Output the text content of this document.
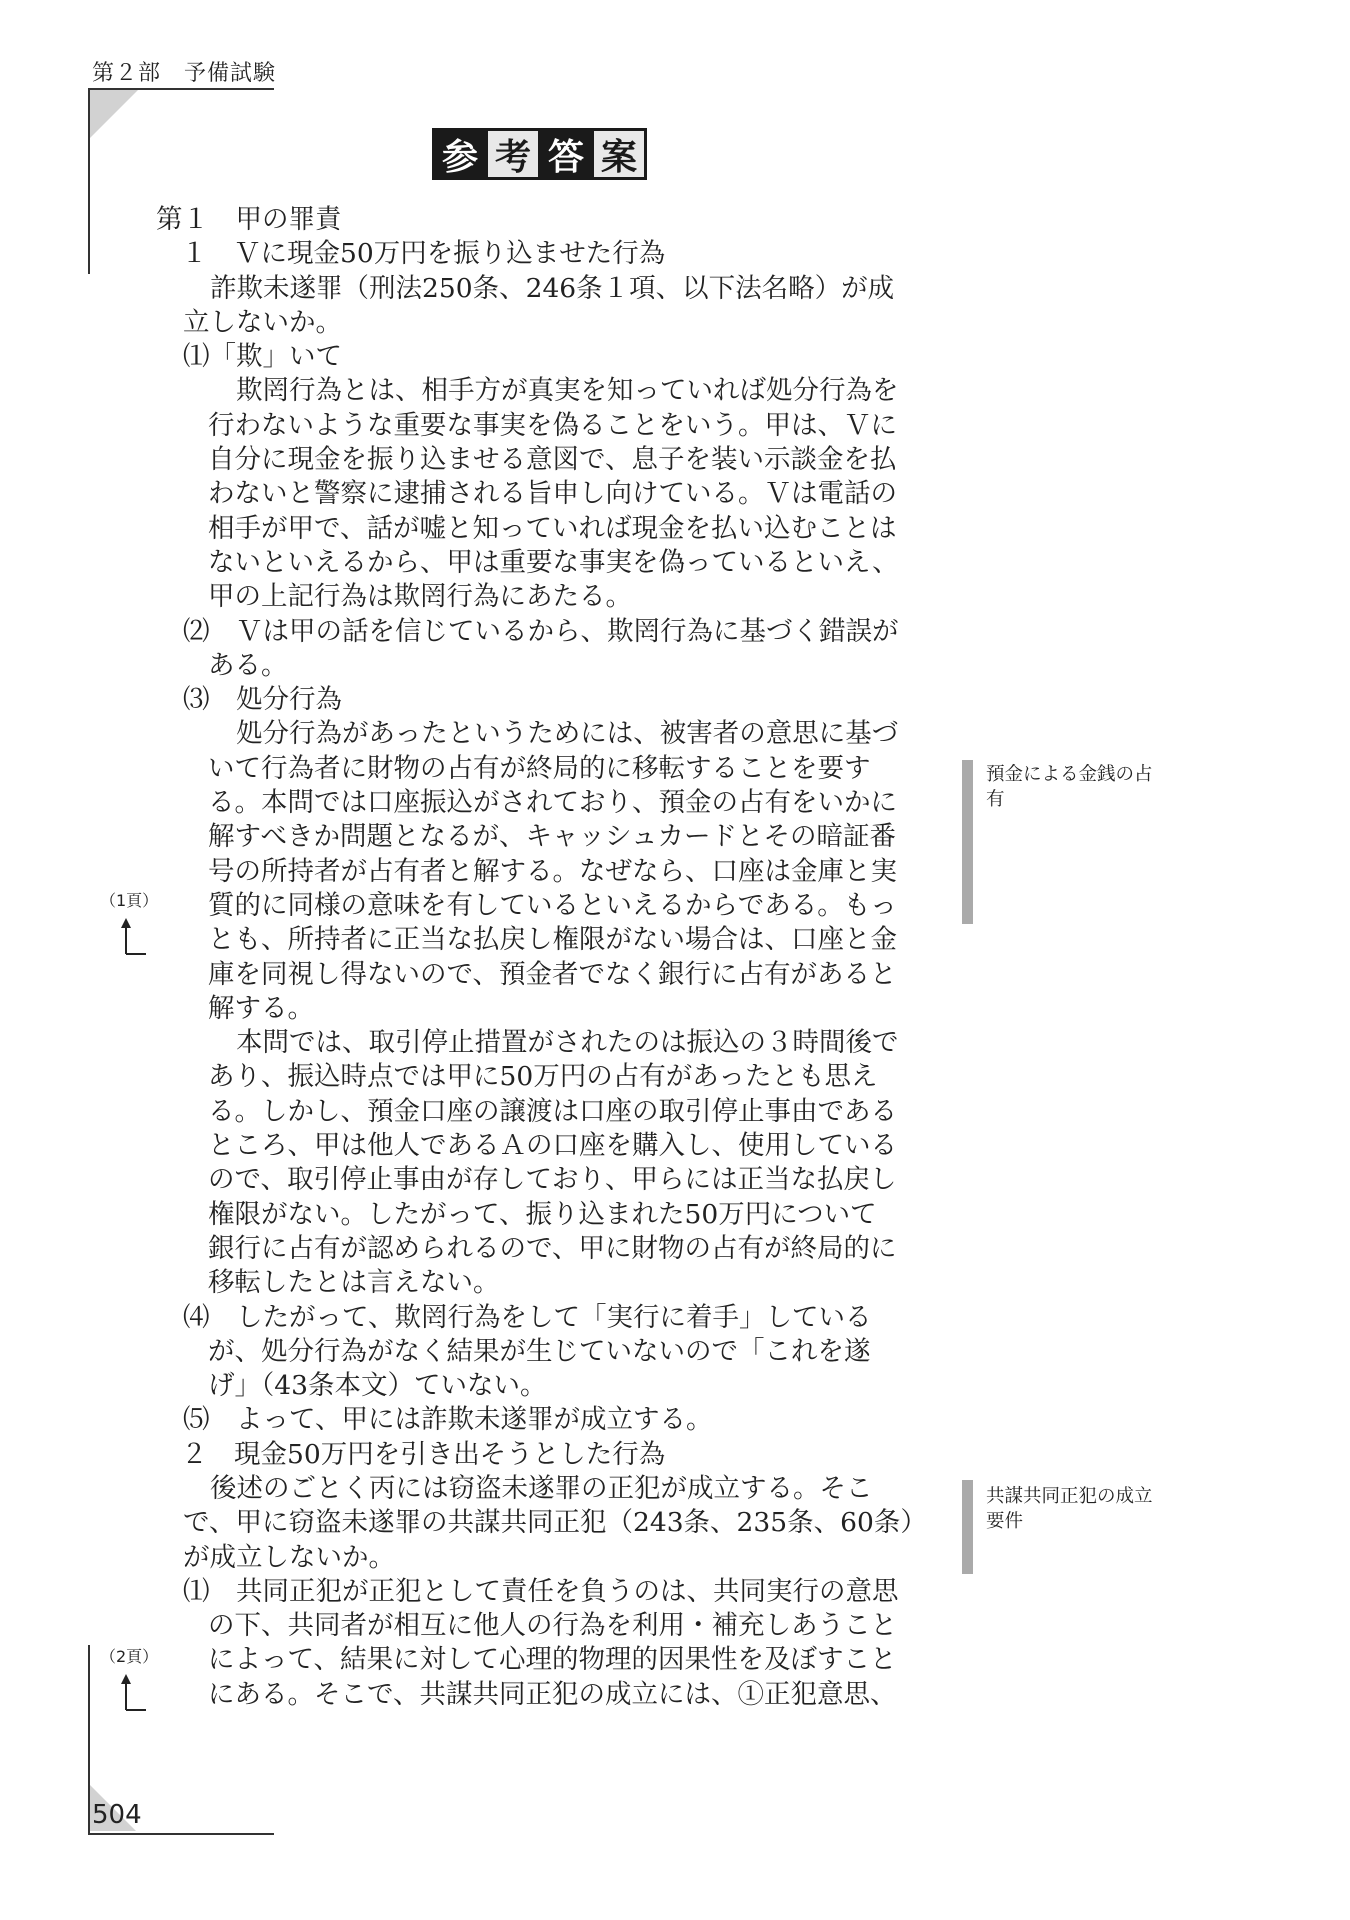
第２部　予備試験
参 考 答 案
第１　甲の罪責
１　Ｖに現金50万円を振り込ませた行為
詐欺未遂罪（刑法250条、246条１項、以下法名略）が成
立しないか。
⑴「欺」いて
欺罔行為とは、相手方が真実を知っていれば処分行為を
行わないような重要な事実を偽ることをいう。甲は、Ｖに
自分に現金を振り込ませる意図で、息子を装い示談金を払
わないと警察に逮捕される旨申し向けている。Ｖは電話の
相手が甲で、話が嘘と知っていれば現金を払い込むことは
ないといえるから、甲は重要な事実を偽っているといえ、
甲の上記行為は欺罔行為にあたる。
⑵　Ｖは甲の話を信じているから、欺罔行為に基づく錯誤が
ある。
⑶　処分行為
処分行為があったというためには、被害者の意思に基づ
いて行為者に財物の占有が終局的に移転することを要す
る。本問では口座振込がされており、預金の占有をいかに
解すべきか問題となるが、キャッシュカードとその暗証番
号の所持者が占有者と解する。なぜなら、口座は金庫と実
質的に同様の意味を有しているといえるからである。もっ
とも、所持者に正当な払戻し権限がない場合は、口座と金
庫を同視し得ないので、預金者でなく銀行に占有があると
解する。
本問では、取引停止措置がされたのは振込の３時間後で
あり、振込時点では甲に50万円の占有があったとも思え
る。しかし、預金口座の譲渡は口座の取引停止事由である
ところ、甲は他人であるＡの口座を購入し、使用している
ので、取引停止事由が存しており、甲らには正当な払戻し
権限がない。したがって、振り込まれた50万円について
銀行に占有が認められるので、甲に財物の占有が終局的に
移転したとは言えない。
⑷　したがって、欺罔行為をして「実行に着手」している
が、処分行為がなく結果が生じていないので「これを遂
げ」（43条本文）ていない。
⑸　よって、甲には詐欺未遂罪が成立する。
２　現金50万円を引き出そうとした行為
後述のごとく丙には窃盗未遂罪の正犯が成立する。そこ
で、甲に窃盗未遂罪の共謀共同正犯（243条、235条、60条）
が成立しないか。
⑴　共同正犯が正犯として責任を負うのは、共同実行の意思
の下、共同者が相互に他人の行為を利用・補充しあうこと
によって、結果に対して心理的物理的因果性を及ぼすこと
にある。そこで、共謀共同正犯の成立には、①正犯意思、
預金による金銭の占
有
共謀共同正犯の成立
要件
（1頁）
（2頁）
504
